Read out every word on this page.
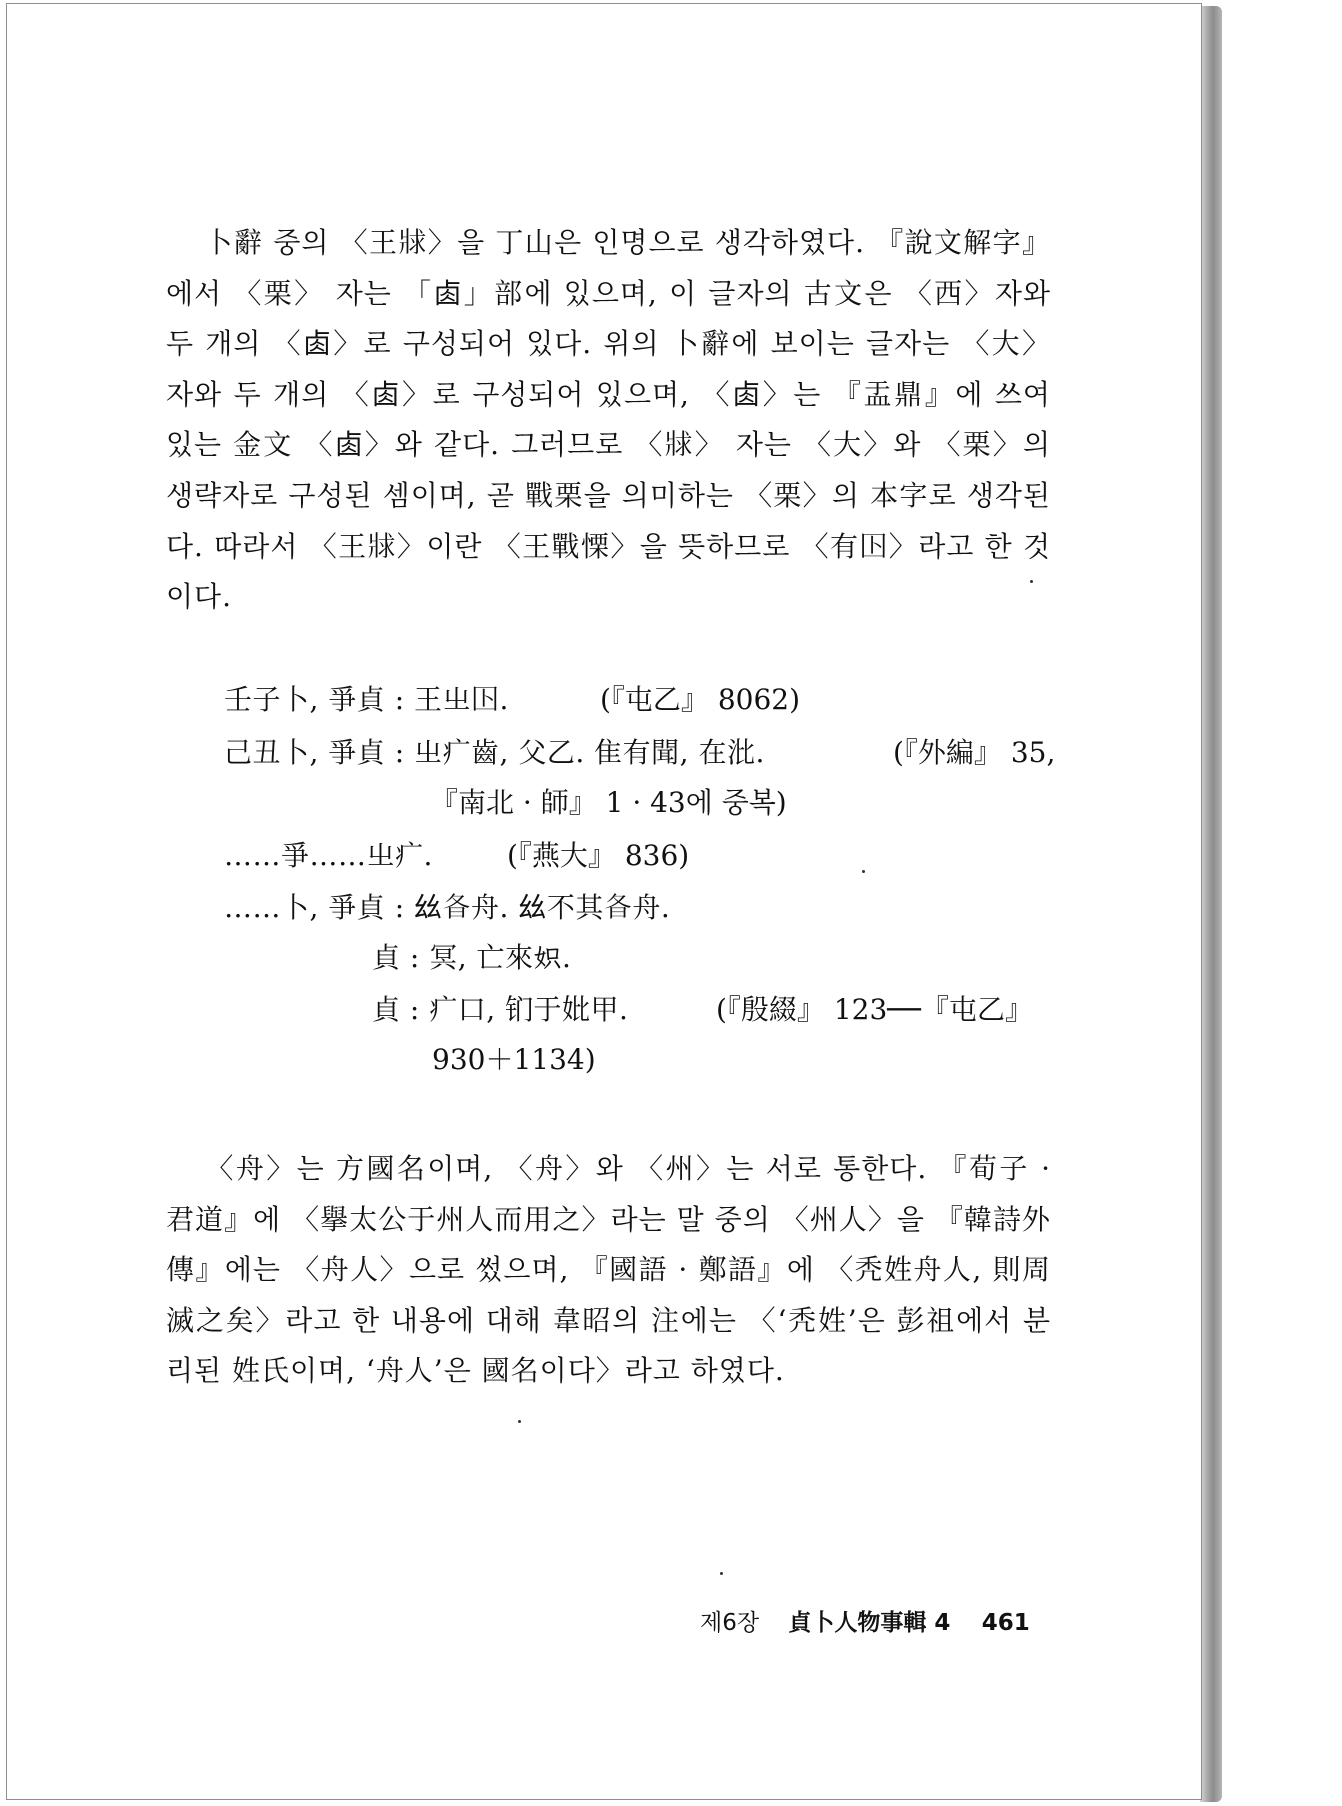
卜辭 중의 〈王𤕾〉을 丁山은 인명으로 생각하였다. 『說文解字』에서 〈栗〉 자는 「𠧪」部에 있으며, 이 글자의 古文은 〈西〉자와 두 개의 〈𠧪〉로 구성되어 있다. 위의 卜辭에 보이는 글자는 〈大〉 자와 두 개의 〈𠧪〉로 구성되어 있으며, 〈𠧪〉는 『盂鼎』에 쓰여 있는 金文 〈𠧪〉와 같다. 그러므로 〈𤕾〉 자는 〈大〉와 〈栗〉의 생략자로 구성된 셈이며, 곧 戰栗을 의미하는 〈栗〉의 本字로 생각된다. 따라서 〈王𤕾〉이란 〈王戰慄〉을 뜻하므로 〈有𡆥〉라고 한 것이다.

壬子卜, 爭貞 : 王㞢𡆥.	(『屯乙』 8062)
己丑卜, 爭貞 : 㞢疒齒, 父乙. 隹有聞, 在沘.	(『外編』 35,
『南北 · 師』 1 · 43에 중복)
……爭……㞢疒.	(『燕大』 836)
……卜, 爭貞 : 𢆶𣅈舟. 𢆶不其𣅈舟.
貞 : 冥, 亡來𡛰.
貞 : 疒口, 钔于妣甲.	(『殷綴』 123──『屯乙』
930＋1134)

〈舟〉는 方國名이며, 〈舟〉와 〈州〉는 서로 통한다. 『荀子 · 君道』에 〈擧太公于州人而用之〉라는 말 중의 〈州人〉을 『韓詩外傳』에는 〈舟人〉으로 썼으며, 『國語 · 鄭語』에 〈秃姓舟人, 則周滅之矣〉라고 한 내용에 대해 韋昭의 注에는 〈‘秃姓’은 彭祖에서 분리된 姓氏이며, ‘舟人’은 國名이다〉라고 하였다.

제6장 貞卜人物事輯 4 461
